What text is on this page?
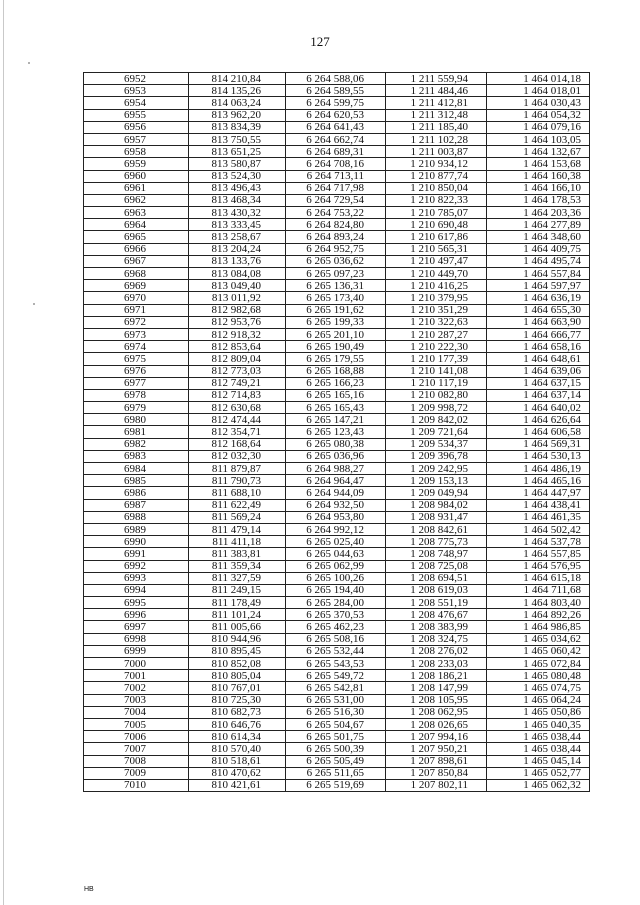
127
6952	814 210,84	6 264 588,06	1 211 559,94	1 464 014,18
6953	814 135,26	6 264 589,55	1 211 484,46	1 464 018,01
6954	814 063,24	6 264 599,75	1 211 412,81	1 464 030,43
6955	813 962,20	6 264 620,53	1 211 312,48	1 464 054,32
6956	813 834,39	6 264 641,43	1 211 185,40	1 464 079,16
6957	813 750,55	6 264 662,74	1 211 102,28	1 464 103,05
6958	813 651,25	6 264 689,31	1 211 003,87	1 464 132,67
6959	813 580,87	6 264 708,16	1 210 934,12	1 464 153,68
6960	813 524,30	6 264 713,11	1 210 877,74	1 464 160,38
6961	813 496,43	6 264 717,98	1 210 850,04	1 464 166,10
6962	813 468,34	6 264 729,54	1 210 822,33	1 464 178,53
6963	813 430,32	6 264 753,22	1 210 785,07	1 464 203,36
6964	813 333,45	6 264 824,80	1 210 690,48	1 464 277,89
6965	813 258,67	6 264 893,24	1 210 617,86	1 464 348,60
6966	813 204,24	6 264 952,75	1 210 565,31	1 464 409,75
6967	813 133,76	6 265 036,62	1 210 497,47	1 464 495,74
6968	813 084,08	6 265 097,23	1 210 449,70	1 464 557,84
6969	813 049,40	6 265 136,31	1 210 416,25	1 464 597,97
6970	813 011,92	6 265 173,40	1 210 379,95	1 464 636,19
6971	812 982,68	6 265 191,62	1 210 351,29	1 464 655,30
6972	812 953,76	6 265 199,33	1 210 322,63	1 464 663,90
6973	812 918,32	6 265 201,10	1 210 287,27	1 464 666,77
6974	812 853,64	6 265 190,49	1 210 222,30	1 464 658,16
6975	812 809,04	6 265 179,55	1 210 177,39	1 464 648,61
6976	812 773,03	6 265 168,88	1 210 141,08	1 464 639,06
6977	812 749,21	6 265 166,23	1 210 117,19	1 464 637,15
6978	812 714,83	6 265 165,16	1 210 082,80	1 464 637,14
6979	812 630,68	6 265 165,43	1 209 998,72	1 464 640,02
6980	812 474,44	6 265 147,21	1 209 842,02	1 464 626,64
6981	812 354,71	6 265 123,43	1 209 721,64	1 464 606,58
6982	812 168,64	6 265 080,38	1 209 534,37	1 464 569,31
6983	812 032,30	6 265 036,96	1 209 396,78	1 464 530,13
6984	811 879,87	6 264 988,27	1 209 242,95	1 464 486,19
6985	811 790,73	6 264 964,47	1 209 153,13	1 464 465,16
6986	811 688,10	6 264 944,09	1 209 049,94	1 464 447,97
6987	811 622,49	6 264 932,50	1 208 984,02	1 464 438,41
6988	811 569,24	6 264 953,80	1 208 931,47	1 464 461,35
6989	811 479,14	6 264 992,12	1 208 842,61	1 464 502,42
6990	811 411,18	6 265 025,40	1 208 775,73	1 464 537,78
6991	811 383,81	6 265 044,63	1 208 748,97	1 464 557,85
6992	811 359,34	6 265 062,99	1 208 725,08	1 464 576,95
6993	811 327,59	6 265 100,26	1 208 694,51	1 464 615,18
6994	811 249,15	6 265 194,40	1 208 619,03	1 464 711,68
6995	811 178,49	6 265 284,00	1 208 551,19	1 464 803,40
6996	811 101,24	6 265 370,53	1 208 476,67	1 464 892,26
6997	811 005,66	6 265 462,23	1 208 383,99	1 464 986,85
6998	810 944,96	6 265 508,16	1 208 324,75	1 465 034,62
6999	810 895,45	6 265 532,44	1 208 276,02	1 465 060,42
7000	810 852,08	6 265 543,53	1 208 233,03	1 465 072,84
7001	810 805,04	6 265 549,72	1 208 186,21	1 465 080,48
7002	810 767,01	6 265 542,81	1 208 147,99	1 465 074,75
7003	810 725,30	6 265 531,00	1 208 105,95	1 465 064,24
7004	810 682,73	6 265 516,30	1 208 062,95	1 465 050,86
7005	810 646,76	6 265 504,67	1 208 026,65	1 465 040,35
7006	810 614,34	6 265 501,75	1 207 994,16	1 465 038,44
7007	810 570,40	6 265 500,39	1 207 950,21	1 465 038,44
7008	810 518,61	6 265 505,49	1 207 898,61	1 465 045,14
7009	810 470,62	6 265 511,65	1 207 850,84	1 465 052,77
7010	810 421,61	6 265 519,69	1 207 802,11	1 465 062,32
НВ
